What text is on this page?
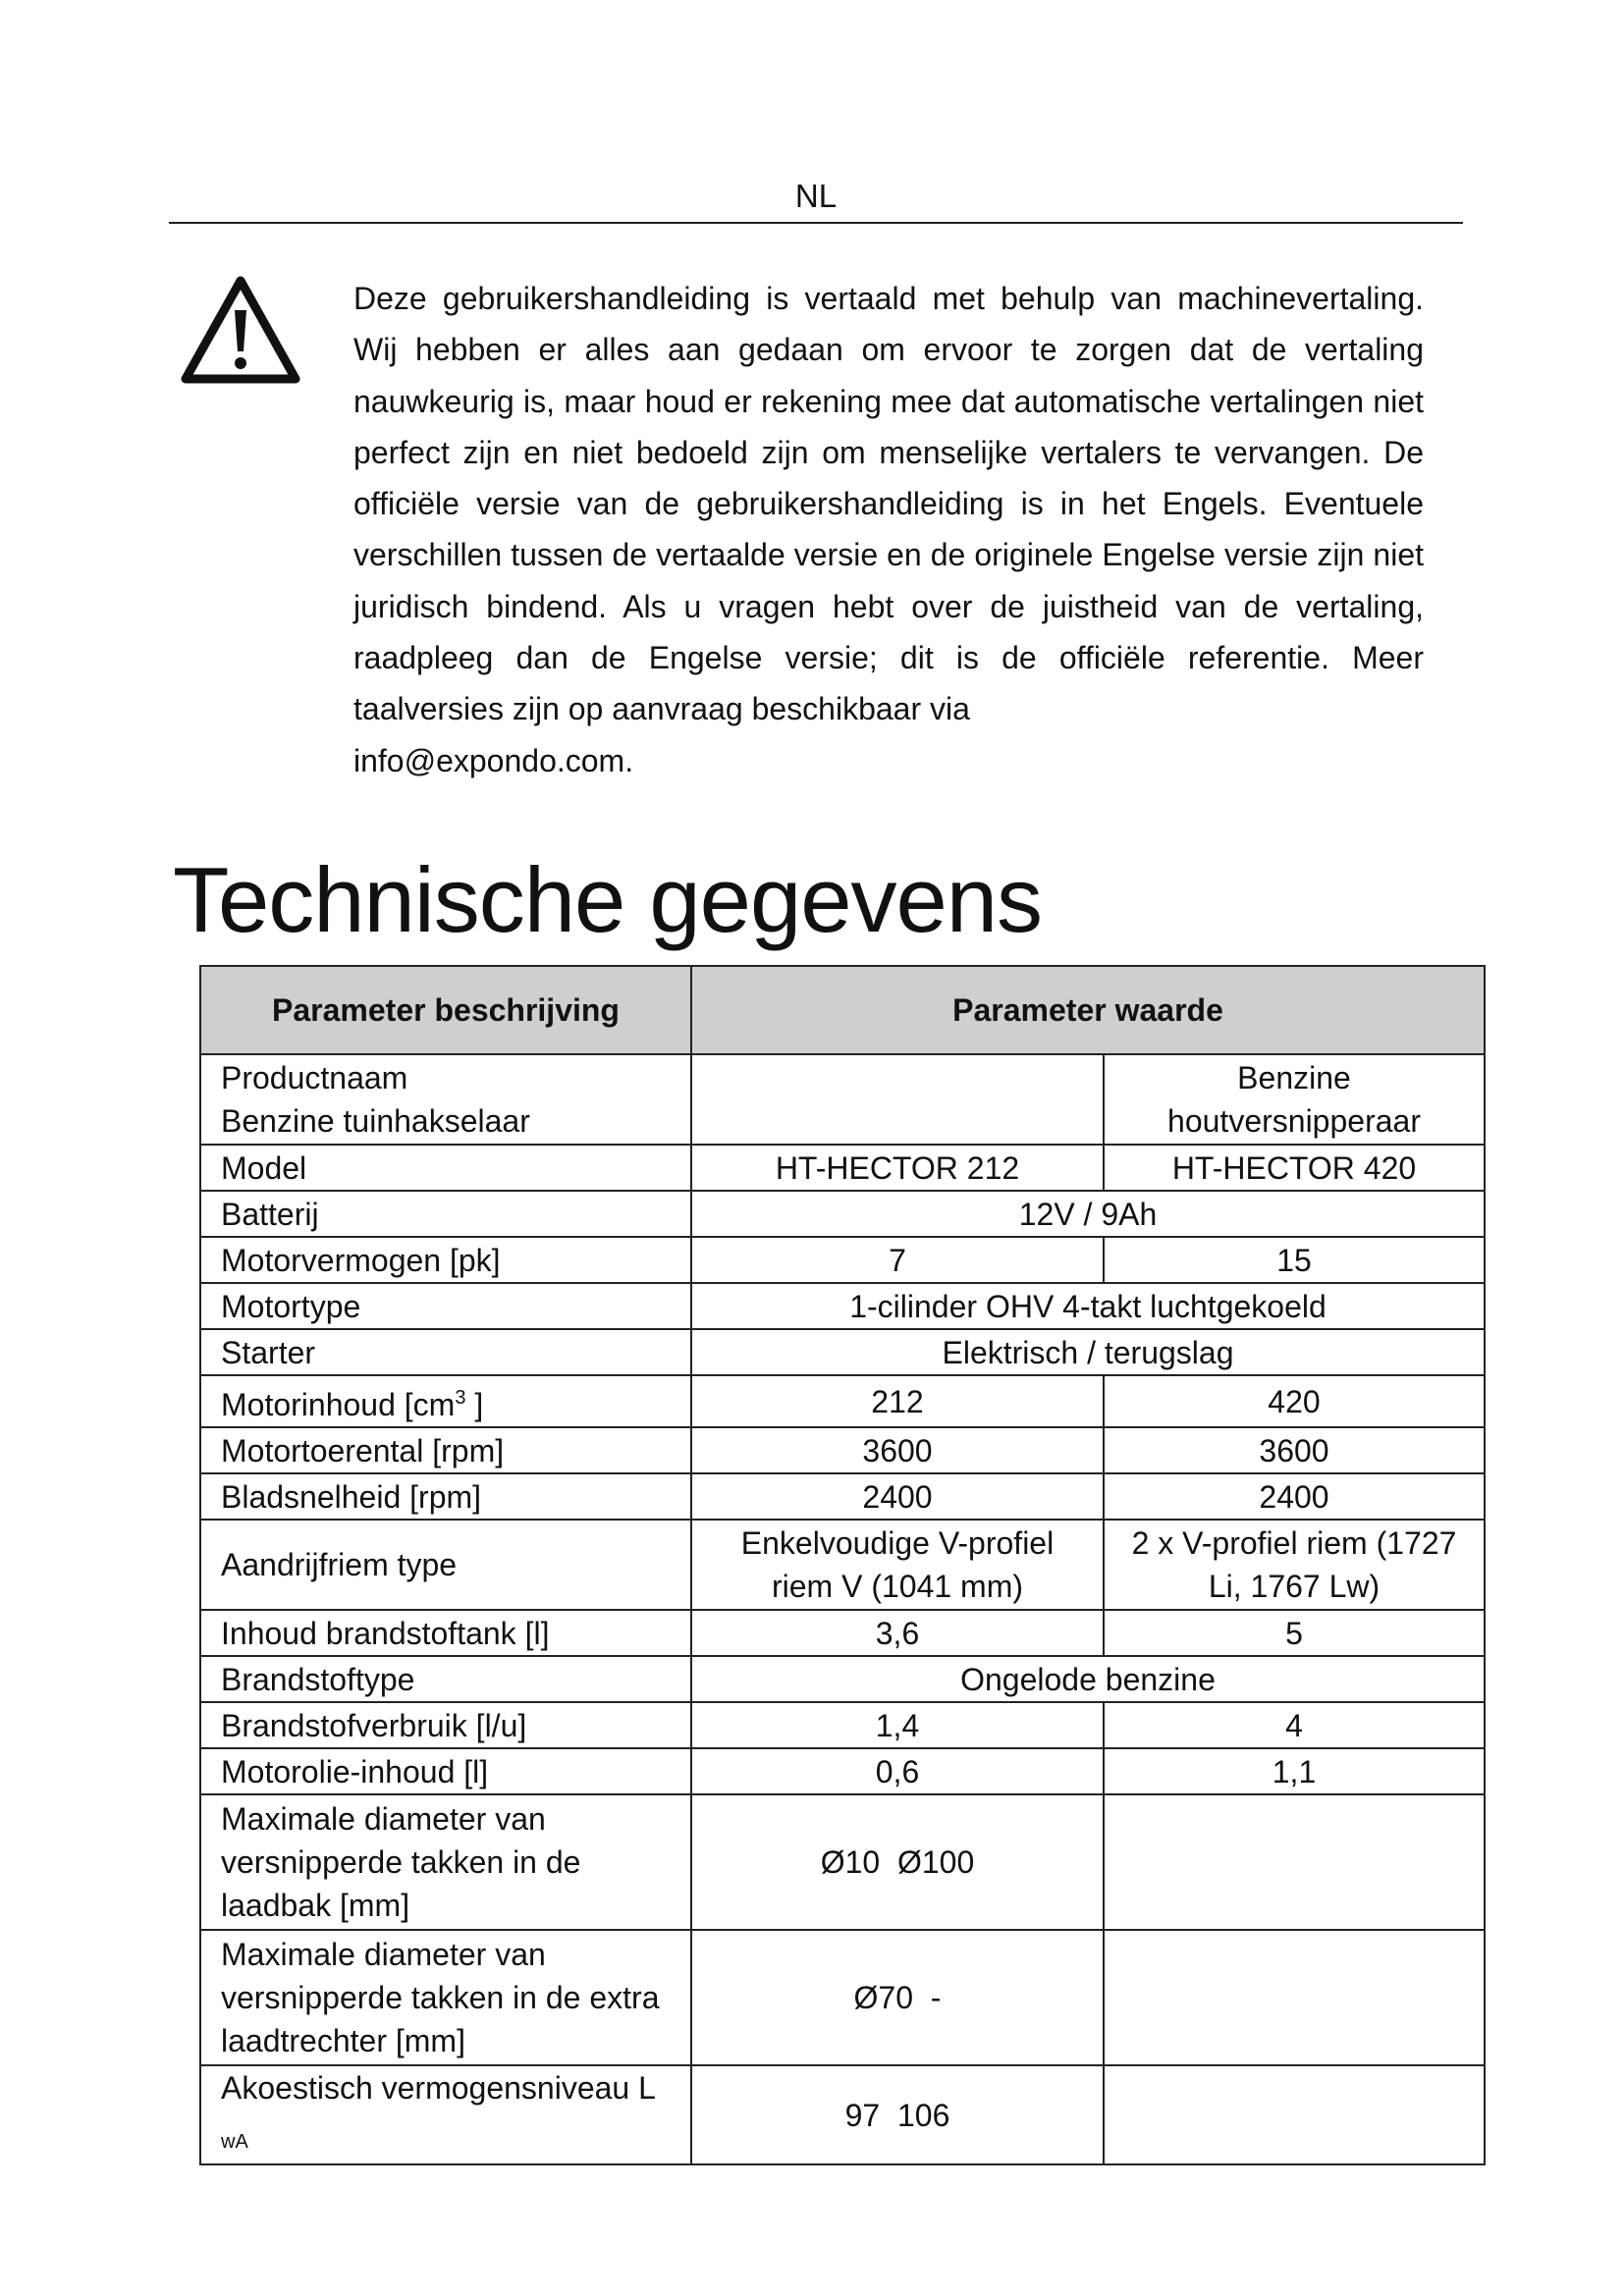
NL
Deze gebruikershandleiding is vertaald met behulp van machinevertaling. Wij hebben er alles aan gedaan om ervoor te zorgen dat de vertaling nauwkeurig is, maar houd er rekening mee dat automatische vertalingen niet perfect zijn en niet bedoeld zijn om menselijke vertalers te vervangen. De officiële versie van de gebruikershandleiding is in het Engels. Eventuele verschillen tussen de vertaalde versie en de originele Engelse versie zijn niet juridisch bindend. Als u vragen hebt over de juistheid van de vertaling, raadpleeg dan de Engelse versie; dit is de officiële referentie. Meer taalversies zijn op aanvraag beschikbaar via
info@expondo.com.
Technische gegevens
Parameter beschrijving	Parameter waarde	
Productnaam  Benzine tuinhakselaar		Benzine houtversnipperaar
Model	HT-HECTOR 212	HT-HECTOR 420
Batterij	12V / 9Ah	
Motorvermogen [pk]	7	15
Motortype	1-cilinder OHV 4-takt luchtgekoeld	
Starter	Elektrisch / terugslag	
Motorinhoud [$cm^3$ ]	212	420
Motortoerental [rpm]	3600	3600
Bladsnelheid [rpm]	2400	2400
Aandrijfriem type	Enkelvoudige V-profiel riem V (1041 mm)	2 x V-profiel riem (1727 Li, 1767 Lw)
Inhoud brandstoftank [l]	3,6	5
Brandstoftype	Ongelode benzine	
Brandstofverbruik [l/u]	1,4	4
Motorolie-inhoud [l]	0,6	1,1
Maximale diameter van versnipperde takken in de laadbak [mm]	Ø10  Ø100	
Maximale diameter van versnipperde takken in de extra laadtrechter [mm]	Ø70  -	
Akoestisch vermogensniveau L $_{wA}$	97  106	
